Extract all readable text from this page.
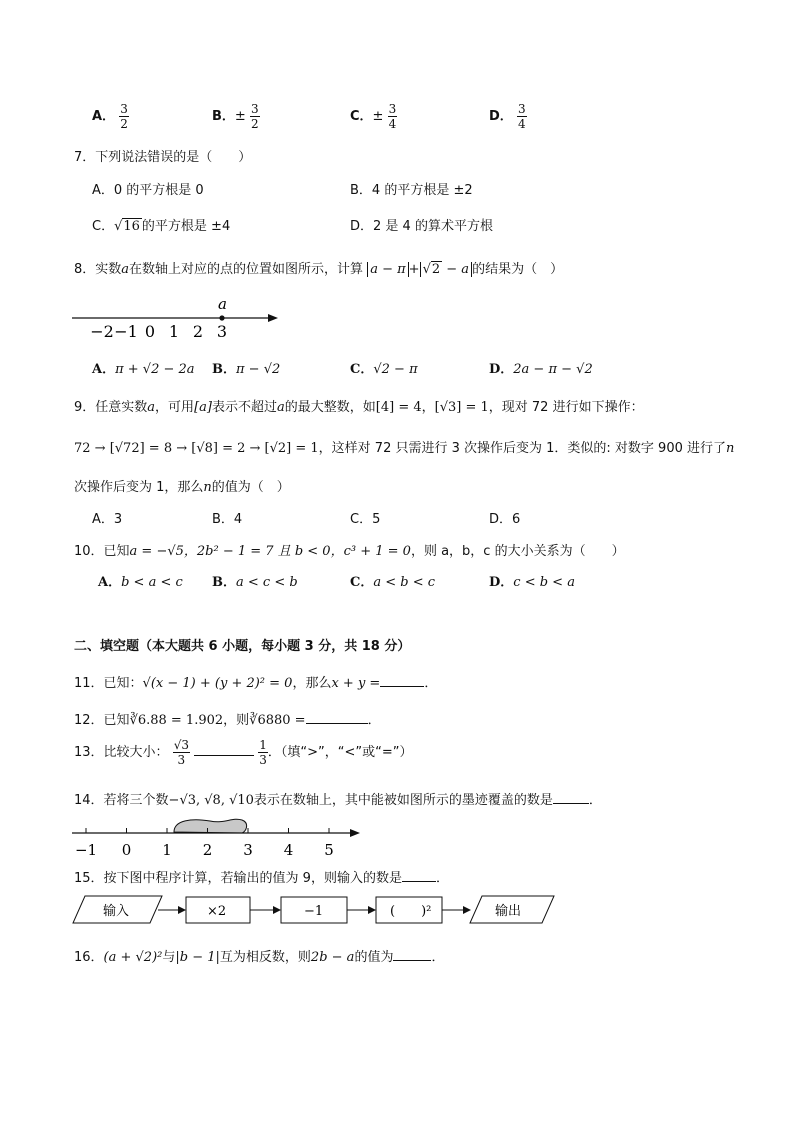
A． $\frac{3}{2}$	B．± $\frac{3}{2}$	C．± $\frac{3}{4}$	D． $\frac{3}{4}$
7．下列说法错误的是（　　）
A．0 的平方根是 0	B．4 的平方根是 ±2
C．√16 的平方根是 ±4	D．2 是 4 的算术平方根
8．实数a在数轴上对应的点的位置如图所示，计算 a − π + √2 − a 的结果为（　）
a
−2 −1 0 1 2 3
A．π + √2 − 2a B．π − √2	C．√2 − π	D．2a − π − √2
9．任意实数a，可用[a]表示不超过a的最大整数，如[4] = 4，[√3] = 1，现对 72 进行如下操作：
72 → [√72] = 8 → [√8] = 2 → [√2] = 1，这样对 72 只需进行 3 次操作后变为 1．类似的: 对数字 900 进行了n
次操作后变为 1，那么n的值为（　）
A．3	B．4	C．5	D．6
10．已知a = −√5，2b² − 1 = 7 且 b < 0，c³ + 1 = 0，则 a，b，c 的大小关系为（　　）
A．b < a < c B．a < c < b	C．a < b < c	D．c < b < a
二、填空题（本大题共 6 小题，每小题 3 分，共 18 分）
11．已知：√(x − 1) + (y + 2)² = 0，那么x + y =	．
12．已知∛6.88 = 1.902，则∛6880 =	．
13．比较大小： $\frac{√3}{3}$
	$\frac{1}{3}$ ．（填“>”，“<”或“=”）
14．若将三个数−√3, √8, √10表示在数轴上，其中能被如图所示的墨迹覆盖的数是	．
−1 0 1 2 3 4 5
15．按下图中程序计算，若输出的值为 9，则输入的数是	．
输入	×2	−1	(　　)²	输出
16．(a + √2)²与|b − 1|互为相反数，则2b − a的值为	．
